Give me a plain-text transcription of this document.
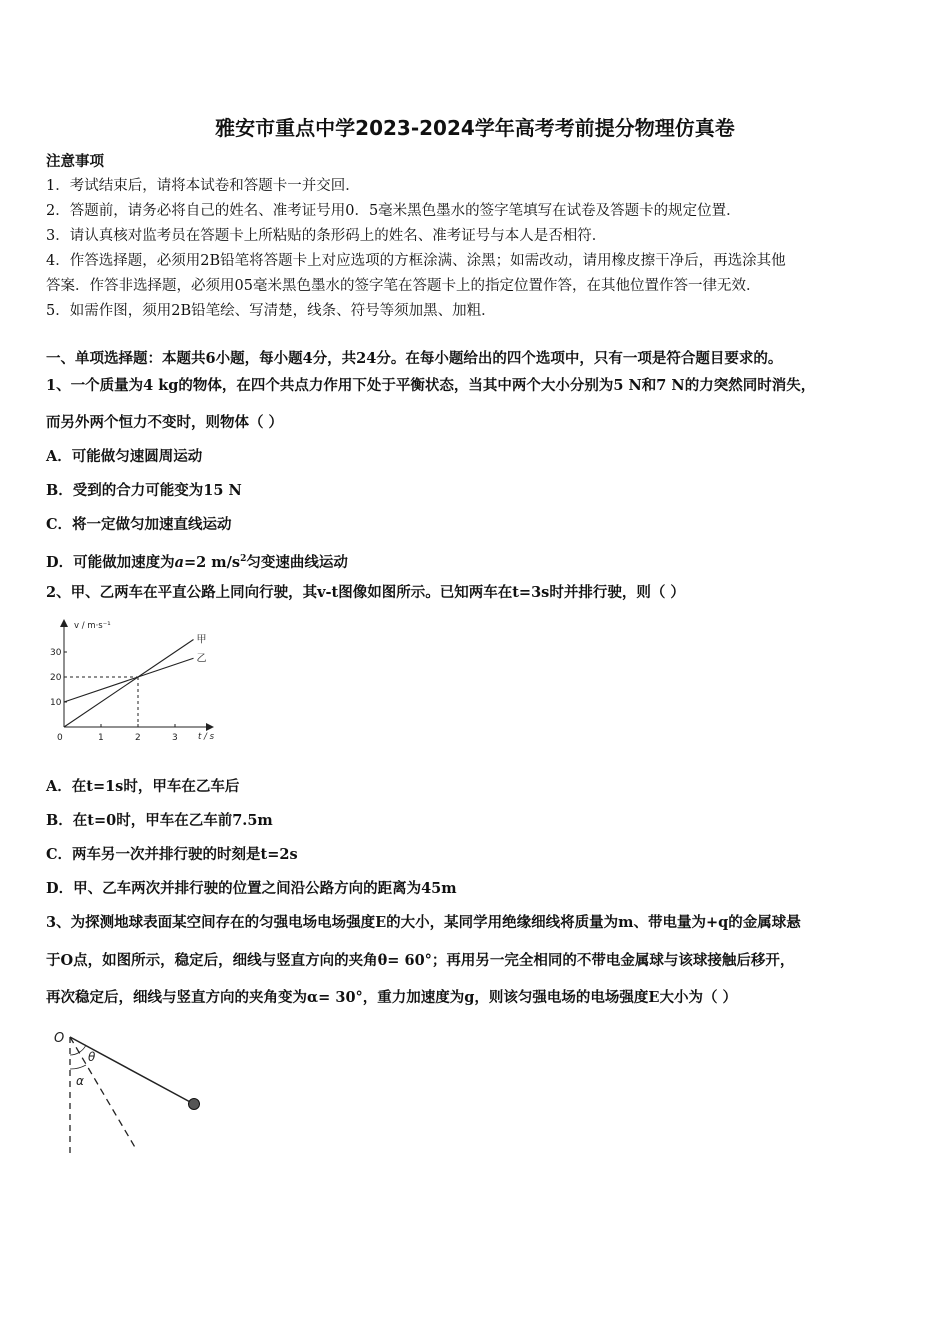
雅安市重点中学2023-2024学年高考考前提分物理仿真卷
注意事项
1．考试结束后，请将本试卷和答题卡一并交回．
2．答题前，请务必将自己的姓名、准考证号用0．5毫米黑色墨水的签字笔填写在试卷及答题卡的规定位置．
3．请认真核对监考员在答题卡上所粘贴的条形码上的姓名、准考证号与本人是否相符．
4．作答选择题，必须用2B铅笔将答题卡上对应选项的方框涂满、涂黑；如需改动，请用橡皮擦干净后，再选涂其他
答案．作答非选择题，必须用05毫米黑色墨水的签字笔在答题卡上的指定位置作答，在其他位置作答一律无效．
5．如需作图，须用2B铅笔绘、写清楚，线条、符号等须加黑、加粗．
一、单项选择题：本题共6小题，每小题4分，共24分。在每小题给出的四个选项中，只有一项是符合题目要求的。
1、一个质量为4 kg的物体，在四个共点力作用下处于平衡状态，当其中两个大小分别为5 N和7 N的力突然同时消失，
而另外两个恒力不变时，则物体（ ）
A．可能做匀速圆周运动
B．受到的合力可能变为15 N
C．将一定做匀加速直线运动
D．可能做加速度为a=2 $m/s^2$匀变速曲线运动
2、甲、乙两车在平直公路上同向行驶，其v-t图像如图所示。已知两车在t=3s时并排行驶，则（ ）
0	1	2	3
10
20
30
甲
乙
v / m·s⁻¹
t / s
A．在t=1s时，甲车在乙车后
B．在t=0时，甲车在乙车前7.5m
C．两车另一次并排行驶的时刻是t=2s
D．甲、乙车两次并排行驶的位置之间沿公路方向的距离为45m
3、为探测地球表面某空间存在的匀强电场电场强度E的大小，某同学用绝缘细线将质量为m、带电量为+q的金属球悬
于O点，如图所示，稳定后，细线与竖直方向的夹角θ= 60°；再用另一完全相同的不带电金属球与该球接触后移开，
再次稳定后，细线与竖直方向的夹角变为α= 30°，重力加速度为g，则该匀强电场的电场强度E大小为（ ）
O
θ
α
